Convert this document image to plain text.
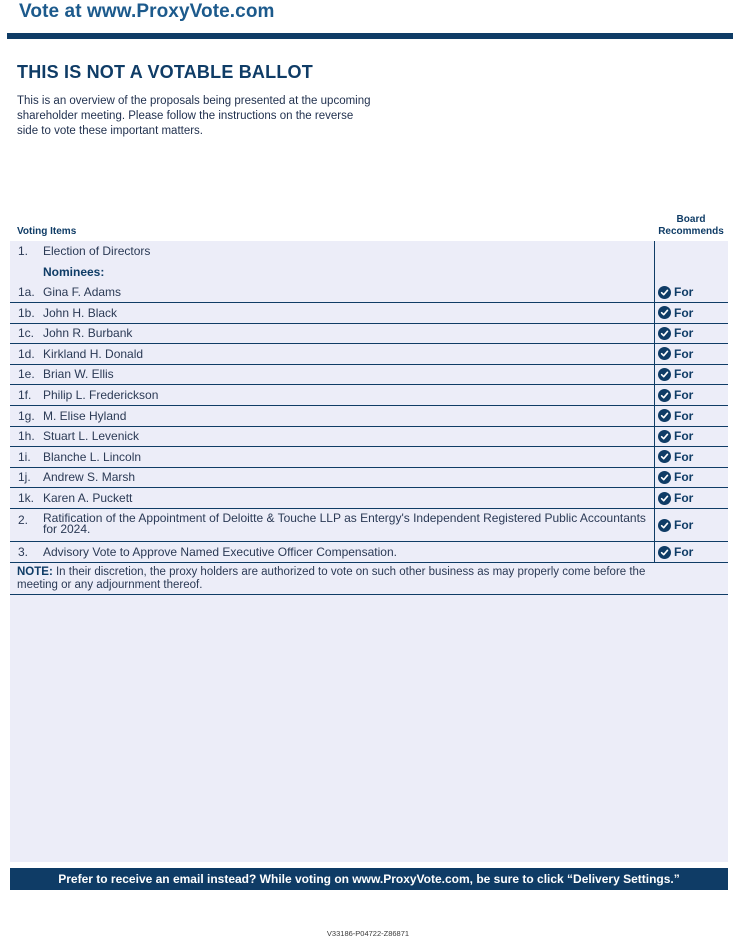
Vote at www.ProxyVote.com
THIS IS NOT A VOTABLE BALLOT

This is an overview of the proposals being presented at the upcoming shareholder meeting. Please follow the instructions on the reverse side to vote these important matters.

Voting Items
Board Recommends
1. Election of Directors
Nominees:
1a. Gina F. Adams	For
1b. John H. Black	For
1c. John R. Burbank	For
1d. Kirkland H. Donald	For
1e. Brian W. Ellis	For
1f. Philip L. Frederickson	For
1g. M. Elise Hyland	For
1h. Stuart L. Levenick	For
1i. Blanche L. Lincoln	For
1j. Andrew S. Marsh	For
1k. Karen A. Puckett	For
2. Ratification of the Appointment of Deloitte & Touche LLP as Entergy's Independent Registered Public Accountants for 2024.	For
3. Advisory Vote to Approve Named Executive Officer Compensation.	For

NOTE: In their discretion, the proxy holders are authorized to vote on such other business as may properly come before the meeting or any adjournment thereof.

Prefer to receive an email instead? While voting on www.ProxyVote.com, be sure to click “Delivery Settings.”
V33186-P04722-Z86871
